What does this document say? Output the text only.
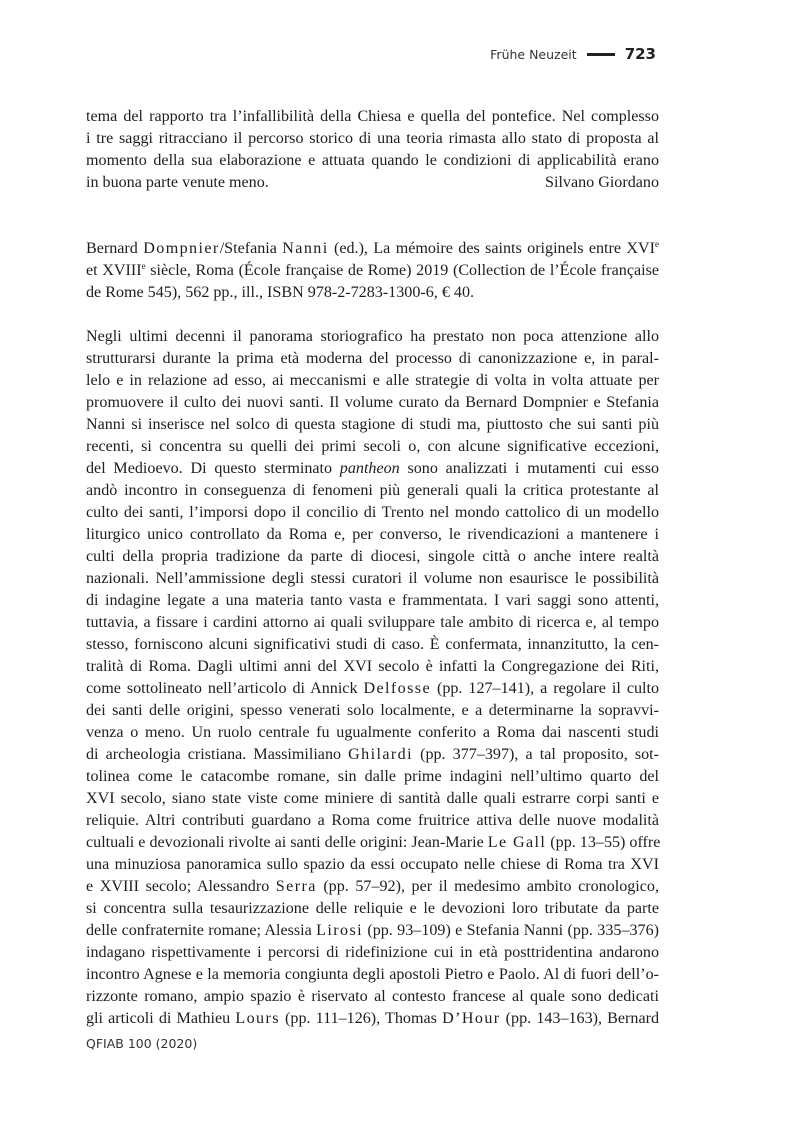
Frühe Neuzeit	723
tema del rapporto tra l’infallibilità della Chiesa e quella del pontefice. Nel complesso
i tre saggi ritracciano il percorso storico di una teoria rimasta allo stato di proposta al
momento della sua elaborazione e attuata quando le condizioni di applicabilità erano
in buona parte venute meno.	Silvano Giordano
Bernard Dompnier/Stefania Nanni (ed.), La mémoire des saints originels entre XVIe
et XVIIIe siècle, Roma (École française de Rome) 2019 (Collection de l’École française
de Rome 545), 562 pp., ill., ISBN 978-2-7283-1300-6, € 40.
Negli ultimi decenni il panorama storiografico ha prestato non poca attenzione allo
strutturarsi durante la prima età moderna del processo di canonizzazione e, in paral-
lelo e in relazione ad esso, ai meccanismi e alle strategie di volta in volta attuate per
promuovere il culto dei nuovi santi. Il volume curato da Bernard Dompnier e Stefania
Nanni si inserisce nel solco di questa stagione di studi ma, piuttosto che sui santi più
recenti, si concentra su quelli dei primi secoli o, con alcune significative eccezioni,
del Medioevo. Di questo sterminato pantheon sono analizzati i mutamenti cui esso
andò incontro in conseguenza di fenomeni più generali quali la critica protestante al
culto dei santi, l’imporsi dopo il concilio di Trento nel mondo cattolico di un modello
liturgico unico controllato da Roma e, per converso, le rivendicazioni a mantenere i
culti della propria tradizione da parte di diocesi, singole città o anche intere realtà
nazionali. Nell’ammissione degli stessi curatori il volume non esaurisce le possibilità
di indagine legate a una materia tanto vasta e frammentata. I vari saggi sono attenti,
tuttavia, a fissare i cardini attorno ai quali sviluppare tale ambito di ricerca e, al tempo
stesso, forniscono alcuni significativi studi di caso. È confermata, innanzitutto, la cen-
tralità di Roma. Dagli ultimi anni del XVI secolo è infatti la Congregazione dei Riti,
come sottolineato nell’articolo di Annick Delfosse (pp. 127–141), a regolare il culto
dei santi delle origini, spesso venerati solo localmente, e a determinarne la sopravvi-
venza o meno. Un ruolo centrale fu ugualmente conferito a Roma dai nascenti studi
di archeologia cristiana. Massimiliano Ghilardi (pp. 377–397), a tal proposito, sot-
tolinea come le catacombe romane, sin dalle prime indagini nell’ultimo quarto del
XVI secolo, siano state viste come miniere di santità dalle quali estrarre corpi santi e
reliquie. Altri contributi guardano a Roma come fruitrice attiva delle nuove modalità
cultuali e devozionali rivolte ai santi delle origini: Jean-Marie Le Gall (pp. 13–55) offre
una minuziosa panoramica sullo spazio da essi occupato nelle chiese di Roma tra XVI
e XVIII secolo; Alessandro Serra (pp. 57–92), per il medesimo ambito cronologico,
si concentra sulla tesaurizzazione delle reliquie e le devozioni loro tributate da parte
delle confraternite romane; Alessia Lirosi (pp. 93–109) e Stefania Nanni (pp. 335–376)
indagano rispettivamente i percorsi di ridefinizione cui in età posttridentina andarono
incontro Agnese e la memoria congiunta degli apostoli Pietro e Paolo. Al di fuori dell’o-
rizzonte romano, ampio spazio è riservato al contesto francese al quale sono dedicati
gli articoli di Mathieu Lours (pp. 111–126), Thomas D’Hour (pp. 143–163), Bernard
QFIAB 100 (2020)
